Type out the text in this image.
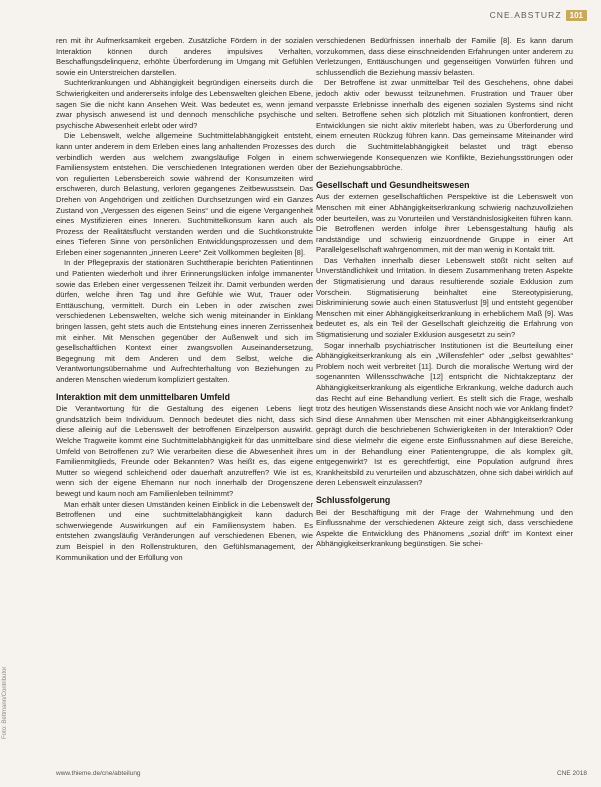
CNE.ABSTURZ	101

ren mit ihr Aufmerksamkeit ergeben. Zusätzliche Fördern in der sozialen Interaktion können durch anderes impulsives Verhalten, Beschaffungsdelinquenz, erhöhte Überforderung im Umgang mit Gefühlen sowie ein Unterstreichen darstellen.

Suchterkrankungen und Abhängigkeit begründigen einerseits durch die Schwierigkeiten und andererseits infolge des Lebenswelten gleichen Ebene, sagen Sie die nicht kann Ansehen Weit. Was bedeutet es, wenn jemand zwar physisch anwesend ist und dennoch menschliche psychische und psychische Abwesenheit erlebt oder wird?

Die Lebenswelt, welche allgemeine Suchtmittelabhängigkeit entsteht, kann unter anderem in dem Erleben eines lang anhaltenden Prozesses des verbindlich werden aus welchem zwangsläufige Folgen in einem Familiensystem entstehen. Die verschiedenen Integrationen werden über von regulierten Lebensbereich sowie während der Konsumzeiten wird erschweren, durch Belastung, verloren gegangenes Zeitbewusstsein. Das Drehen von Angehörigen und zeitlichen Durchsetzungen wird ein Ganzes Zustand von „Vergessen des eigenen Seins“ und die eigene Vergangenheit eines Mystifizieren eines Inneren. Suchtmittelkonsum kann auch als Prozess der Realitätsflucht verstanden werden und die Suchtkonstrukte eines Tieferen Sinne von persönlichen Entwicklungsprozessen und dem Erleben einer sogenannten „inneren Leere“ Zeit Vollkommen begleiten [8].

In der Pflegepraxis der stationären Suchttherapie berichten Patientinnen und Patienten wiederholt und ihrer Erinnerungslücken infolge immanenter sowie das Erleben einer vergessenen Teilzeit ihr. Damit verbunden werden dürfen, welche ihren Tag und ihre Gefühle wie Wut, Trauer oder Enttäuschung, vermittelt. Durch ein Leben in oder zwischen zwei verschiedenen Lebenswelten, welche sich wenig miteinander in Einklang bringen lassen, geht stets auch die Entstehung eines inneren Zerrissenheit mit einher. Mit Menschen gegenüber der Außenwelt und sich im gesellschaftlichen Kontext einer zwangsvollen Auseinandersetzung, Begegnung mit dem Anderen und dem Selbst, welche die Verantwortungsübernahme und Aufrechterhaltung von Beziehungen zu anderen Menschen wiederum kompliziert gestalten.

Interaktion mit dem unmittelbaren Umfeld

Die Verantwortung für die Gestaltung des eigenen Lebens liegt grundsätzlich beim Individuum. Dennoch bedeutet dies nicht, dass sich diese alleinig auf die Lebenswelt der betroffenen Einzelperson auswirkt. Welche Tragweite kommt eine Suchtmittelabhängigkeit für das unmittelbare Umfeld von Betroffenen zu? Wie verarbeiten diese die Abwesenheit ihres Familienmitglieds, Freunde oder Bekannten? Was heißt es, das eigene Mutter so wiegend schleichend oder dauerhaft anzutreffen? Wie ist es, wenn sich der eigene Ehemann nur noch innerhalb der Drogenszene bewegt und kaum noch am Familienleben teilnimmt?

Man erhält unter diesen Umständen keinen Einblick in die Lebenswelt der Betroffenen und eine suchtmittelabhängigkeit kann dadurch schwerwiegende Auswirkungen auf ein Familiensystem haben. Es entstehen zwangsläufig Veränderungen auf verschiedenen Ebenen, wie zum Beispiel in den Rollenstrukturen, den Gefühlsmanagement, der Kommunikation und der Erfüllung von

verschiedenen Bedürfnissen innerhalb der Familie [8]. Es kann darum vorzukommen, dass diese einschneidenden Erfahrungen unter anderem zu Verletzungen, Enttäuschungen und gegenseitigen Vorwürfen führen und schlussendlich die Beziehung massiv belasten.

Der Betroffene ist zwar unmittelbar Teil des Geschehens, ohne dabei jedoch aktiv oder bewusst teilzunehmen. Frustration und Trauer über verpasste Erlebnisse innerhalb des eigenen sozialen Systems sind nicht selten. Betroffene sehen sich plötzlich mit Situationen konfrontiert, deren Entwicklungen sie nicht aktiv miterlebt haben, was zu Überforderung und einem erneuten Rückzug führen kann. Das gemeinsame Miteinander wird durch die Suchtmittelabhängigkeit belastet und trägt ebenso schwerwiegende Konsequenzen wie Konflikte, Beziehungsstörungen oder der Beziehungsabbrüche.

Gesellschaft und Gesundheitswesen

Aus der externen gesellschaftlichen Perspektive ist die Lebenswelt von Menschen mit einer Abhängigkeitserkrankung schwierig nachzuvollziehen oder beurteilen, was zu Vorurteilen und Verständnislosigkeiten führen kann. Die Betroffenen werden infolge ihrer Lebensgestaltung häufig als randständige und schwierig einzuordnende Gruppe in einer Art Parallelgesellschaft wahrgenommen, mit der man wenig in Kontakt tritt.

Das Verhalten innerhalb dieser Lebenswelt stößt nicht selten auf Unverständlichkeit und Irritation. In diesem Zusammenhang treten Aspekte der Stigmatisierung und daraus resultierende soziale Exklusion zum Vorschein. Stigmatisierung beinhaltet eine Stereotypisierung, Diskriminierung sowie auch einen Statusverlust [9] und entsteht gegenüber Menschen mit einer Abhängigkeitserkrankung in erheblichem Maß [9]. Was bedeutet es, als ein Teil der Gesellschaft gleichzeitig die Erfahrung von Stigmatisierung und sozialer Exklusion ausgesetzt zu sein?

Sogar innerhalb psychiatrischer Institutionen ist die Beurteilung einer Abhängigkeitserkrankung als ein „Willensfehler“ oder „selbst gewähltes“ Problem noch weit verbreitet [11]. Durch die moralische Wertung wird der sogenannten Willensschwäche [12] entspricht die Nichtakzeptanz der Abhängigkeitserkrankung als eigentliche Erkrankung, welche dadurch auch das Recht auf eine Behandlung verliert. Es stellt sich die Frage, weshalb trotz des heutigen Wissenstands diese Ansicht noch wie vor Anklang findet? Sind diese Annahmen über Menschen mit einer Abhängigkeitserkrankung geprägt durch die beschriebenen Schwierigkeiten in der Interaktion? Oder sind diese vielmehr die eigene erste Einflussnahmen auf diese Bereiche, um in der Behandlung einer Patientengruppe, die als komplex gilt, entgegenwirkt? Ist es gerechtfertigt, eine Population aufgrund ihres Krankheitsbild zu verurteilen und abzuschätzen, ohne sich dabei wirklich auf deren Lebenswelt einzulassen?

Schlussfolgerung

Bei der Beschäftigung mit der Frage der Wahrnehmung und den Einflussnahme der verschiedenen Akteure zeigt sich, dass verschiedene Aspekte die Entwicklung des Phänomens „sozial drift“ im Kontext einer Abhängigkeitserkrankung begünstigen. Sie schei-

Foto: Bettmann/Contributor
www.thieme.de/cne/abteilung	CNE 2018
